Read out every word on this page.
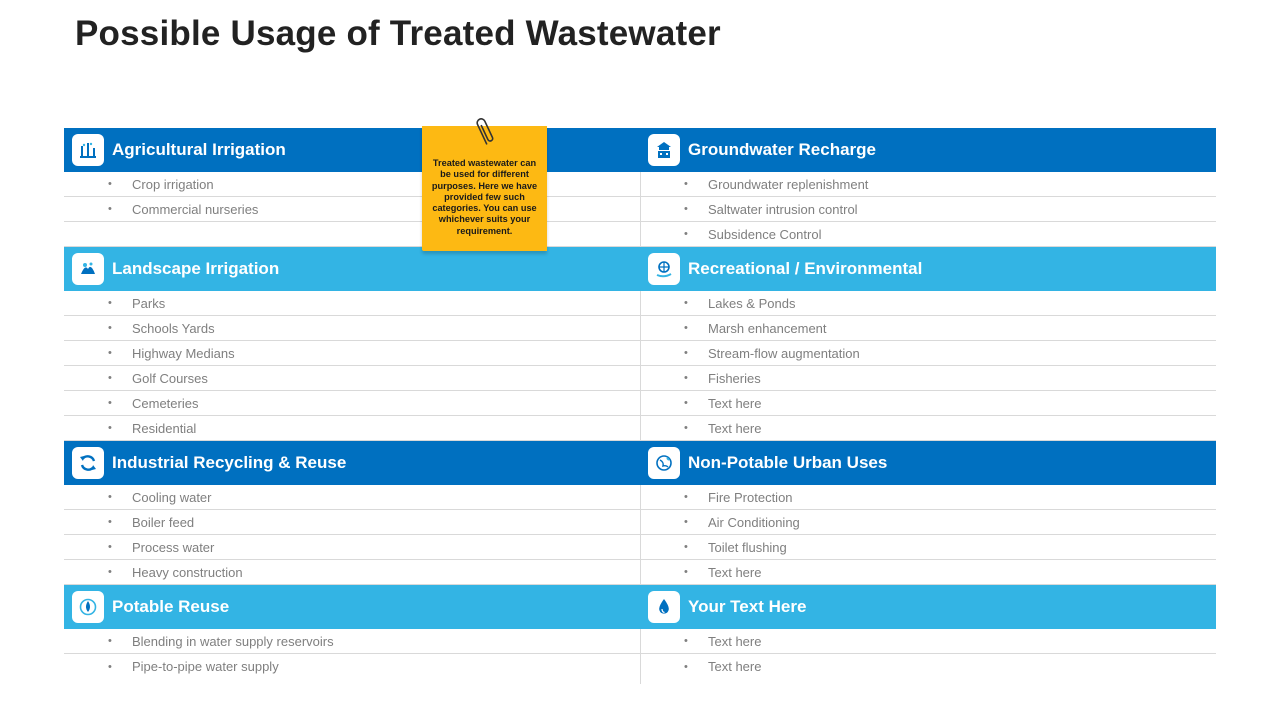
Possible Usage of Treated Wastewater
Agricultural Irrigation
•	Crop irrigation
•	Commercial nurseries
Landscape Irrigation
•	Parks
•	Schools Yards
•	Highway Medians
•	Golf Courses
•	Cemeteries
•	Residential
Industrial Recycling & Reuse
•	Cooling water
•	Boiler feed
•	Process water
•	Heavy construction
Potable Reuse
•	Blending in water supply reservoirs
•	Pipe-to-pipe water supply
Groundwater Recharge
•	Groundwater replenishment
•	Saltwater intrusion control
•	Subsidence Control
Recreational / Environmental
•	Lakes & Ponds
•	Marsh enhancement
•	Stream-flow augmentation
•	Fisheries
•	Text here
•	Text here
Non-Potable Urban Uses
•	Fire Protection
•	Air Conditioning
•	Toilet flushing
•	Text here
Your Text Here
•	Text here
•	Text here
Treated wastewater can be used for different purposes. Here we have provided few such categories. You can use whichever suits your requirement.
